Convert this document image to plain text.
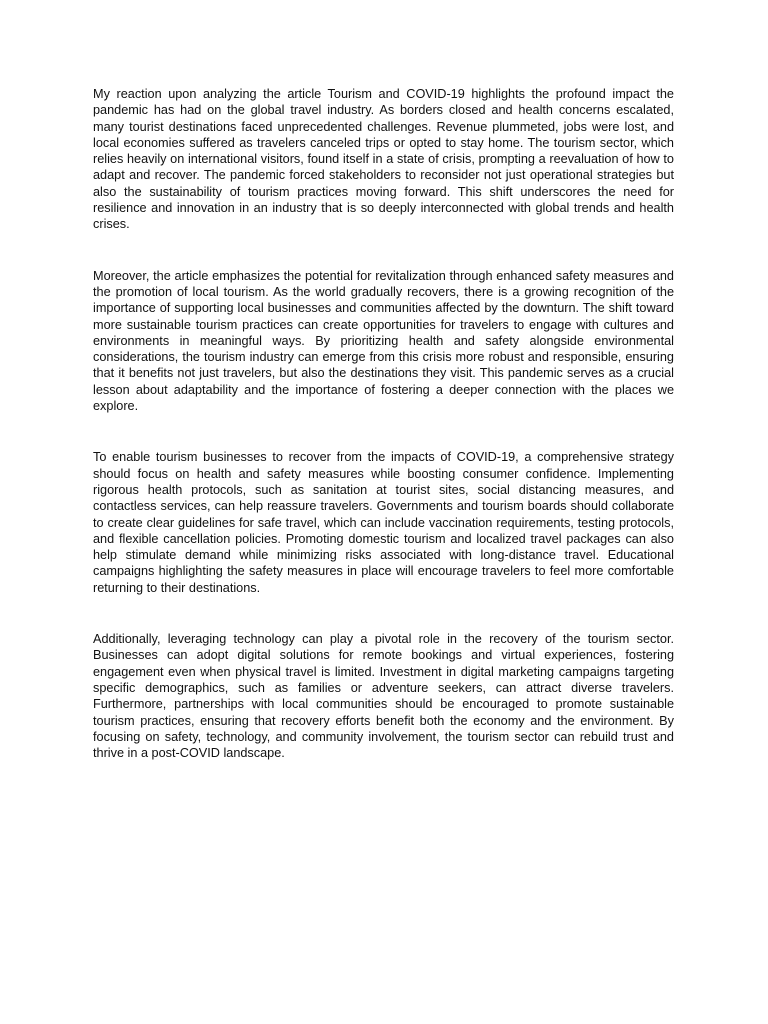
My reaction upon analyzing the article Tourism and COVID-19 highlights the profound impact the pandemic has had on the global travel industry. As borders closed and health concerns escalated, many tourist destinations faced unprecedented challenges. Revenue plummeted, jobs were lost, and local economies suffered as travelers canceled trips or opted to stay home. The tourism sector, which relies heavily on international visitors, found itself in a state of crisis, prompting a reevaluation of how to adapt and recover. The pandemic forced stakeholders to reconsider not just operational strategies but also the sustainability of tourism practices moving forward. This shift underscores the need for resilience and innovation in an industry that is so deeply interconnected with global trends and health crises.

Moreover, the article emphasizes the potential for revitalization through enhanced safety measures and the promotion of local tourism. As the world gradually recovers, there is a growing recognition of the importance of supporting local businesses and communities affected by the downturn. The shift toward more sustainable tourism practices can create opportunities for travelers to engage with cultures and environments in meaningful ways. By prioritizing health and safety alongside environmental considerations, the tourism industry can emerge from this crisis more robust and responsible, ensuring that it benefits not just travelers, but also the destinations they visit. This pandemic serves as a crucial lesson about adaptability and the importance of fostering a deeper connection with the places we explore.

To enable tourism businesses to recover from the impacts of COVID-19, a comprehensive strategy should focus on health and safety measures while boosting consumer confidence. Implementing rigorous health protocols, such as sanitation at tourist sites, social distancing measures, and contactless services, can help reassure travelers. Governments and tourism boards should collaborate to create clear guidelines for safe travel, which can include vaccination requirements, testing protocols, and flexible cancellation policies. Promoting domestic tourism and localized travel packages can also help stimulate demand while minimizing risks associated with long-distance travel. Educational campaigns highlighting the safety measures in place will encourage travelers to feel more comfortable returning to their destinations.

Additionally, leveraging technology can play a pivotal role in the recovery of the tourism sector. Businesses can adopt digital solutions for remote bookings and virtual experiences, fostering engagement even when physical travel is limited. Investment in digital marketing campaigns targeting specific demographics, such as families or adventure seekers, can attract diverse travelers. Furthermore, partnerships with local communities should be encouraged to promote sustainable tourism practices, ensuring that recovery efforts benefit both the economy and the environment. By focusing on safety, technology, and community involvement, the tourism sector can rebuild trust and thrive in a post-COVID landscape.
